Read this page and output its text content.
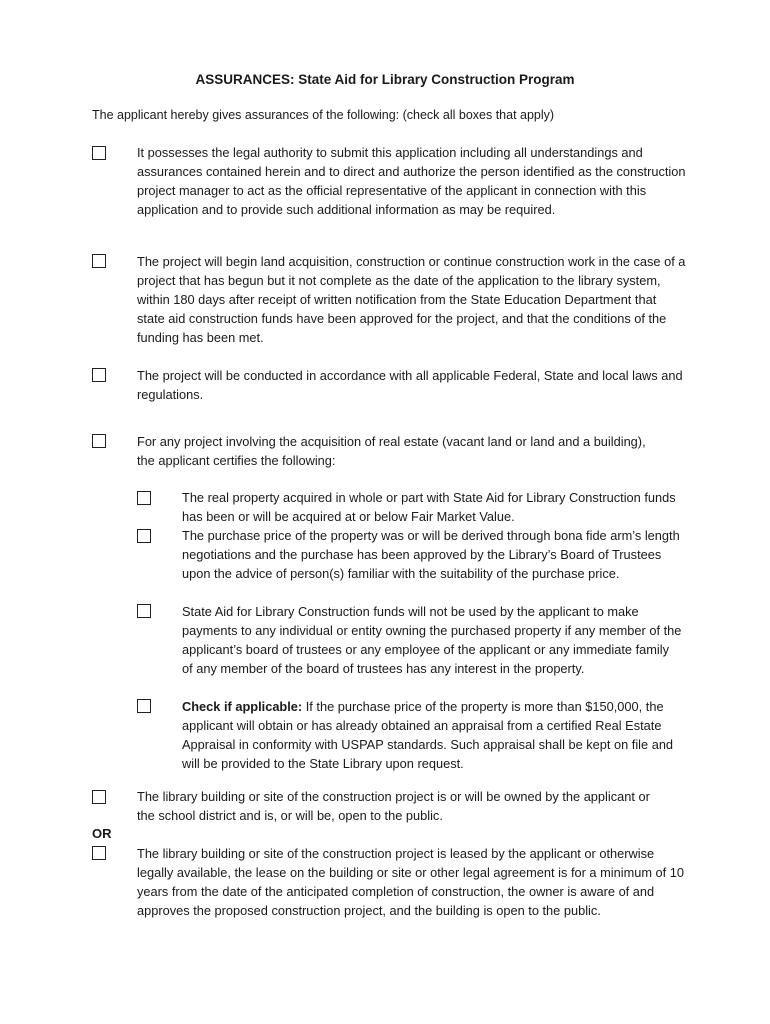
ASSURANCES: State Aid for Library Construction Program
The applicant hereby gives assurances of the following: (check all boxes that apply)
It possesses the legal authority to submit this application including all understandings and assurances contained herein and to direct and authorize the person identified as the construction project manager to act as the official representative of the applicant in connection with this application and to provide such additional information as may be required.
The project will begin land acquisition, construction or continue construction work in the case of a project that has begun but it not complete as the date of the application to the library system, within 180 days after receipt of written notification from the State Education Department that state aid construction funds have been approved for the project, and that the conditions of the funding has been met.
The project will be conducted in accordance with all applicable Federal, State and local laws and regulations.
For any project involving the acquisition of real estate (vacant land or land and a building), the applicant certifies the following:
The real property acquired in whole or part with State Aid for Library Construction funds has been or will be acquired at or below Fair Market Value.
The purchase price of the property was or will be derived through bona fide arm’s length negotiations and the purchase has been approved by the Library’s Board of Trustees upon the advice of person(s) familiar with the suitability of the purchase price.
State Aid for Library Construction funds will not be used by the applicant to make payments to any individual or entity owning the purchased property if any member of the applicant’s board of trustees or any employee of the applicant or any immediate family of any member of the board of trustees has any interest in the property.
Check if applicable: If the purchase price of the property is more than $150,000, the applicant will obtain or has already obtained an appraisal from a certified Real Estate Appraisal in conformity with USPAP standards. Such appraisal shall be kept on file and will be provided to the State Library upon request.
The library building or site of the construction project is or will be owned by the applicant or the school district and is, or will be, open to the public.
OR
The library building or site of the construction project is leased by the applicant or otherwise legally available, the lease on the building or site or other legal agreement is for a minimum of 10 years from the date of the anticipated completion of construction, the owner is aware of and approves the proposed construction project, and the building is open to the public.
